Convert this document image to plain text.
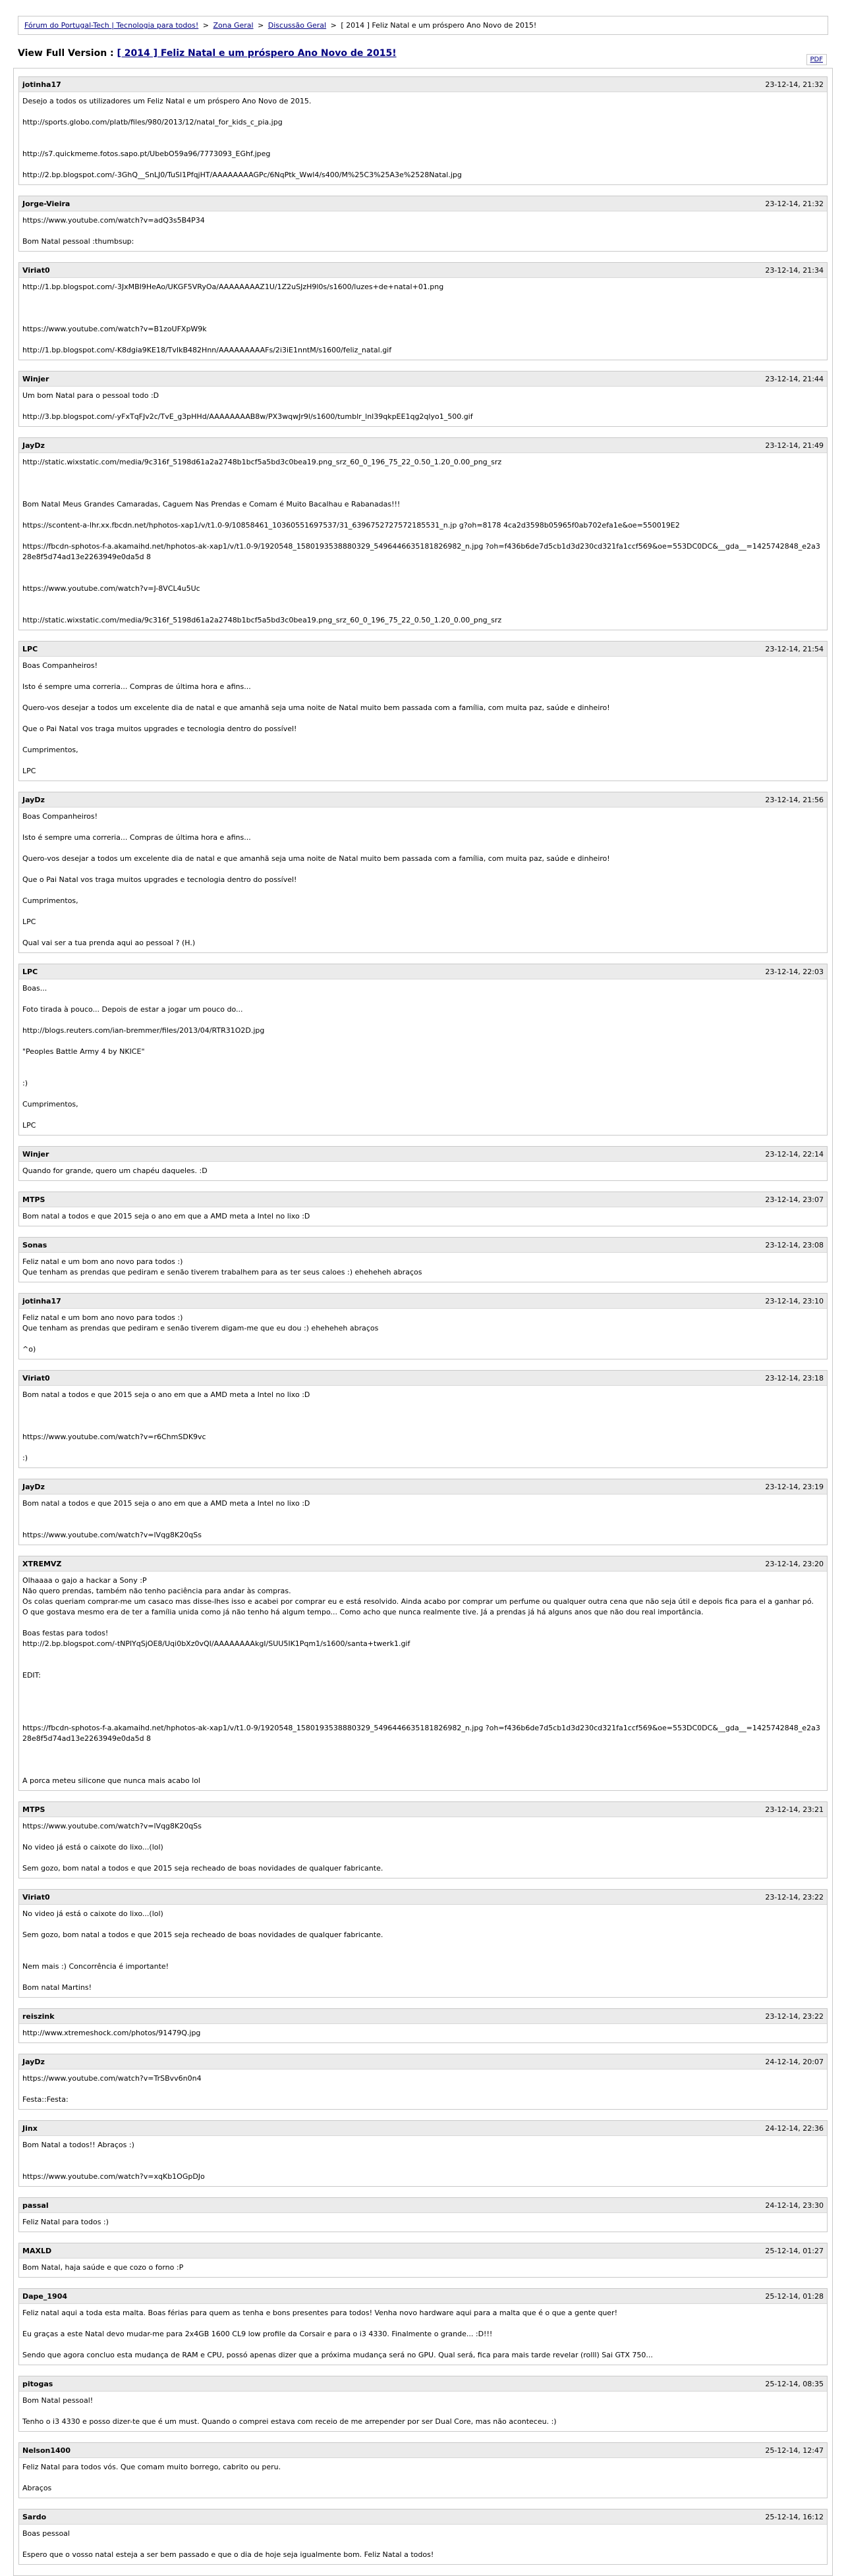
Fórum do Portugal-Tech | Tecnologia para todos! > Zona Geral > Discussão Geral > [ 2014 ] Feliz Natal e um próspero Ano Novo de 2015!
View Full Version : [ 2014 ] Feliz Natal e um próspero Ano Novo de 2015!
PDF
jotinha17	23-12-14, 21:32
Desejo a todos os utilizadores um Feliz Natal e um próspero Ano Novo de 2015.
http://sports.globo.com/platb/files/980/2013/12/natal_for_kids_c_pia.jpg
http://s7.quickmeme.fotos.sapo.pt/UbebO59a96/7773093_EGhf.jpeg
http://2.bp.blogspot.com/-3GhQ__SnLJ0/TuSl1PfqjHT/AAAAAAAAGPc/6NqPtk_Wwl4/s400/M%25C3%25A3e%2528Natal.jpg
Jorge-Vieira	23-12-14, 21:32
https://www.youtube.com/watch?v=adQ3s5B4P34
Bom Natal pessoal :thumbsup:
Viriat0	23-12-14, 21:34
http://1.bp.blogspot.com/-3JxMBI9HeAo/UKGF5VRyOa/AAAAAAAAZ1U/1Z2uSJzH9l0s/s1600/luzes+de+natal+01.png
https://www.youtube.com/watch?v=B1zoUFXpW9k
http://1.bp.blogspot.com/-K8dgia9KE18/TvIkB482Hnn/AAAAAAAAAFs/2i3iE1nntM/s1600/feliz_natal.gif
Winjer	23-12-14, 21:44
Um bom Natal para o pessoal todo :D
http://3.bp.blogspot.com/-yFxTqFJv2c/TvE_g3pHHd/AAAAAAAAB8w/PX3wqwJr9l/s1600/tumblr_lnl39qkpEE1qg2qlyo1_500.gif
JayDz	23-12-14, 21:49
http://static.wixstatic.com/media/9c316f_5198d61a2a2748b1bcf5a5bd3c0bea19.png_srz_60_0_196_75_22_0.50_1.20_0.00_png_srz
Bom Natal Meus Grandes Camaradas, Caguem Nas Prendas e Comam é Muito Bacalhau e Rabanadas!!!
https://scontent-a-lhr.xx.fbcdn.net/hphotos-xap1/v/t1.0-9/10858461_10360551697537/31_6396752727572185531_n.jp g?oh=8178 4ca2d3598b05965f0ab702efa1e&oe=550019E2
https://fbcdn-sphotos-f-a.akamaihd.net/hphotos-ak-xap1/v/t1.0-9/1920548_1580193538880329_5496446635181826982_n.jpg ?oh=f436b6de7d5cb1d3d230cd321fa1ccf569&oe=553DC0DC&__gda__=1425742848_e2a328e8f5d74ad13e2263949e0da5d 8
https://www.youtube.com/watch?v=J-8VCL4u5Uc
http://static.wixstatic.com/media/9c316f_5198d61a2a2748b1bcf5a5bd3c0bea19.png_srz_60_0_196_75_22_0.50_1.20_0.00_png_srz
LPC	23-12-14, 21:54
Boas Companheiros!
Isto é sempre uma correria... Compras de última hora e afins...
Quero-vos desejar a todos um excelente dia de natal e que amanhã seja uma noite de Natal muito bem passada com a família, com muita paz, saúde e dinheiro!
Que o Pai Natal vos traga muitos upgrades e tecnologia dentro do possível!
Cumprimentos,
LPC
JayDz	23-12-14, 21:56
Boas Companheiros!
Isto é sempre uma correria... Compras de última hora e afins...
Quero-vos desejar a todos um excelente dia de natal e que amanhã seja uma noite de Natal muito bem passada com a família, com muita paz, saúde e dinheiro!
Que o Pai Natal vos traga muitos upgrades e tecnologia dentro do possível!
Cumprimentos,
LPC
Qual vai ser a tua prenda aqui ao pessoal ? (H.)
LPC	23-12-14, 22:03
Boas...
Foto tirada à pouco... Depois de estar a jogar um pouco do...
http://blogs.reuters.com/ian-bremmer/files/2013/04/RTR31O2D.jpg
"Peoples Battle Army 4 by NKICE"
:)
Cumprimentos,
LPC
Winjer	23-12-14, 22:14
Quando for grande, quero um chapéu daqueles. :D
MTPS	23-12-14, 23:07
Bom natal a todos e que 2015 seja o ano em que a AMD meta a Intel no lixo :D
Sonas	23-12-14, 23:08
Feliz natal e um bom ano novo para todos :)
Que tenham as prendas que pediram e senão tiverem trabalhem para as ter seus caloes :) eheheheh abraços
jotinha17	23-12-14, 23:10
Feliz natal e um bom ano novo para todos :)
Que tenham as prendas que pediram e senão tiverem digam-me que eu dou :) eheheheh abraços
^o)
Viriat0	23-12-14, 23:18
Bom natal a todos e que 2015 seja o ano em que a AMD meta a Intel no lixo :D
https://www.youtube.com/watch?v=r6ChmSDK9vc
:)
JayDz	23-12-14, 23:19
Bom natal a todos e que 2015 seja o ano em que a AMD meta a Intel no lixo :D
https://www.youtube.com/watch?v=lVqg8K20qSs
XTREMVZ	23-12-14, 23:20
Olhaaaa o gajo a hackar a Sony :P
Não quero prendas, também não tenho paciência para andar às compras.
Os colas queriam comprar-me um casaco mas disse-lhes isso e acabei por comprar eu e está resolvido. Ainda acabo por comprar um perfume ou qualquer outra cena que não seja útil e depois fica para el a ganhar pó.
O que gostava mesmo era de ter a família unida como já não tenho há algum tempo... Como acho que nunca realmente tive. Já a prendas já há alguns anos que não dou real importância.
Boas festas para todos!
http://2.bp.blogspot.com/-tNPlYqSjOE8/Uqi0bXz0vQI/AAAAAAAAkgI/SUU5IK1Pqm1/s1600/santa+twerk1.gif
EDIT:
https://fbcdn-sphotos-f-a.akamaihd.net/hphotos-ak-xap1/v/t1.0-9/1920548_1580193538880329_5496446635181826982_n.jpg ?oh=f436b6de7d5cb1d3d230cd321fa1ccf569&oe=553DC0DC&__gda__=1425742848_e2a328e8f5d74ad13e2263949e0da5d 8
A porca meteu silicone que nunca mais acabo lol
MTPS	23-12-14, 23:21
https://www.youtube.com/watch?v=lVqg8K20qSs
No video já está o caixote do lixo...(lol)
Sem gozo, bom natal a todos e que 2015 seja recheado de boas novidades de qualquer fabricante.
Viriat0	23-12-14, 23:22
No video já está o caixote do lixo...(lol)
Sem gozo, bom natal a todos e que 2015 seja recheado de boas novidades de qualquer fabricante.
Nem mais :) Concorrência é importante!
Bom natal Martins!
reiszink	23-12-14, 23:22
http://www.xtremeshock.com/photos/91479Q.jpg
JayDz	24-12-14, 20:07
https://www.youtube.com/watch?v=TrSBvv6n0n4
Festa::Festa:
Jinx	24-12-14, 22:36
Bom Natal a todos!! Abraços :)
https://www.youtube.com/watch?v=xqKb1OGpDJo
passal	24-12-14, 23:30
Feliz Natal para todos :)
MAXLD	25-12-14, 01:27
Bom Natal, haja saúde e que cozo o forno :P
Dape_1904	25-12-14, 01:28
Feliz natal aqui a toda esta malta. Boas férias para quem as tenha e bons presentes para todos! Venha novo hardware aqui para a malta que é o que a gente quer!
Eu graças a este Natal devo mudar-me para 2x4GB 1600 CL9 low profile da Corsair e para o i3 4330. Finalmente o grande... :D!!!
Sendo que agora concluo esta mudança de RAM e CPU, possó apenas dizer que a próxima mudança será no GPU. Qual será, fica para mais tarde revelar (rolll) Sai GTX 750...
pitogas	25-12-14, 08:35
Bom Natal pessoal!
Tenho o i3 4330 e posso dizer-te que é um must. Quando o comprei estava com receio de me arrepender por ser Dual Core, mas não aconteceu. :)
Nelson1400	25-12-14, 12:47
Feliz Natal para todos vós. Que comam muito borrego, cabrito ou peru.
Abraços
Sardo	25-12-14, 16:12
Boas pessoal
Espero que o vosso natal esteja a ser bem passado e que o dia de hoje seja igualmente bom. Feliz Natal a todos!
